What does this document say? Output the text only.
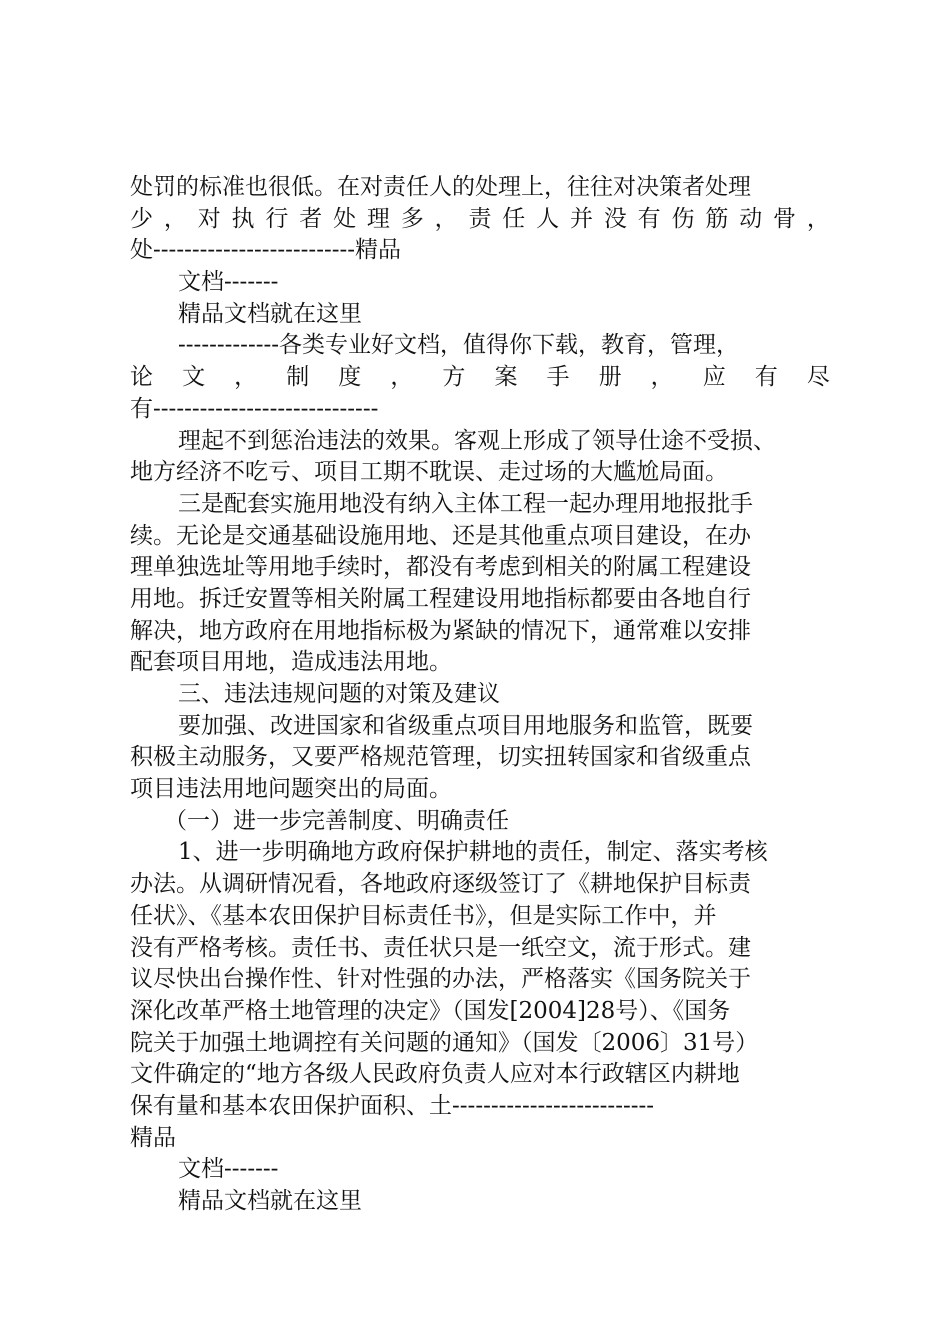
处罚的标准也很低。在对责任人的处理上，往往对决策者处理
少 ， 对 执 行 者 处 理 多 ， 责 任 人 并 没 有 伤 筋 动 骨 ，
处--------------------------精品
文档-------
精品文档就在这里
-------------各类专业好文档，值得你下载，教育，管理，
论 文 ， 制 度 ， 方 案 手 册 ， 应 有 尽
有-----------------------------
理起不到惩治违法的效果。客观上形成了领导仕途不受损、
地方经济不吃亏、项目工期不耽误、走过场的大尴尬局面。
三是配套实施用地没有纳入主体工程一起办理用地报批手
续。无论是交通基础设施用地、还是其他重点项目建设，在办
理单独选址等用地手续时，都没有考虑到相关的附属工程建设
用地。拆迁安置等相关附属工程建设用地指标都要由各地自行
解决，地方政府在用地指标极为紧缺的情况下，通常难以安排
配套项目用地，造成违法用地。
三、违法违规问题的对策及建议
要加强、改进国家和省级重点项目用地服务和监管，既要
积极主动服务，又要严格规范管理，切实扭转国家和省级重点
项目违法用地问题突出的局面。
（一）进一步完善制度、明确责任
1、进一步明确地方政府保护耕地的责任，制定、落实考核
办法。从调研情况看，各地政府逐级签订了《耕地保护目标责
任状》、《基本农田保护目标责任书》，但是实际工作中，并
没有严格考核。责任书、责任状只是一纸空文，流于形式。建
议尽快出台操作性、针对性强的办法，严格落实《国务院关于
深化改革严格土地管理的决定》（国发[2004]28号）、《国务
院关于加强土地调控有关问题的通知》（国发〔2006〕31号）
文件确定的“地方各级人民政府负责人应对本行政辖区内耕地
保有量和基本农田保护面积、土--------------------------
精品
文档-------
精品文档就在这里
